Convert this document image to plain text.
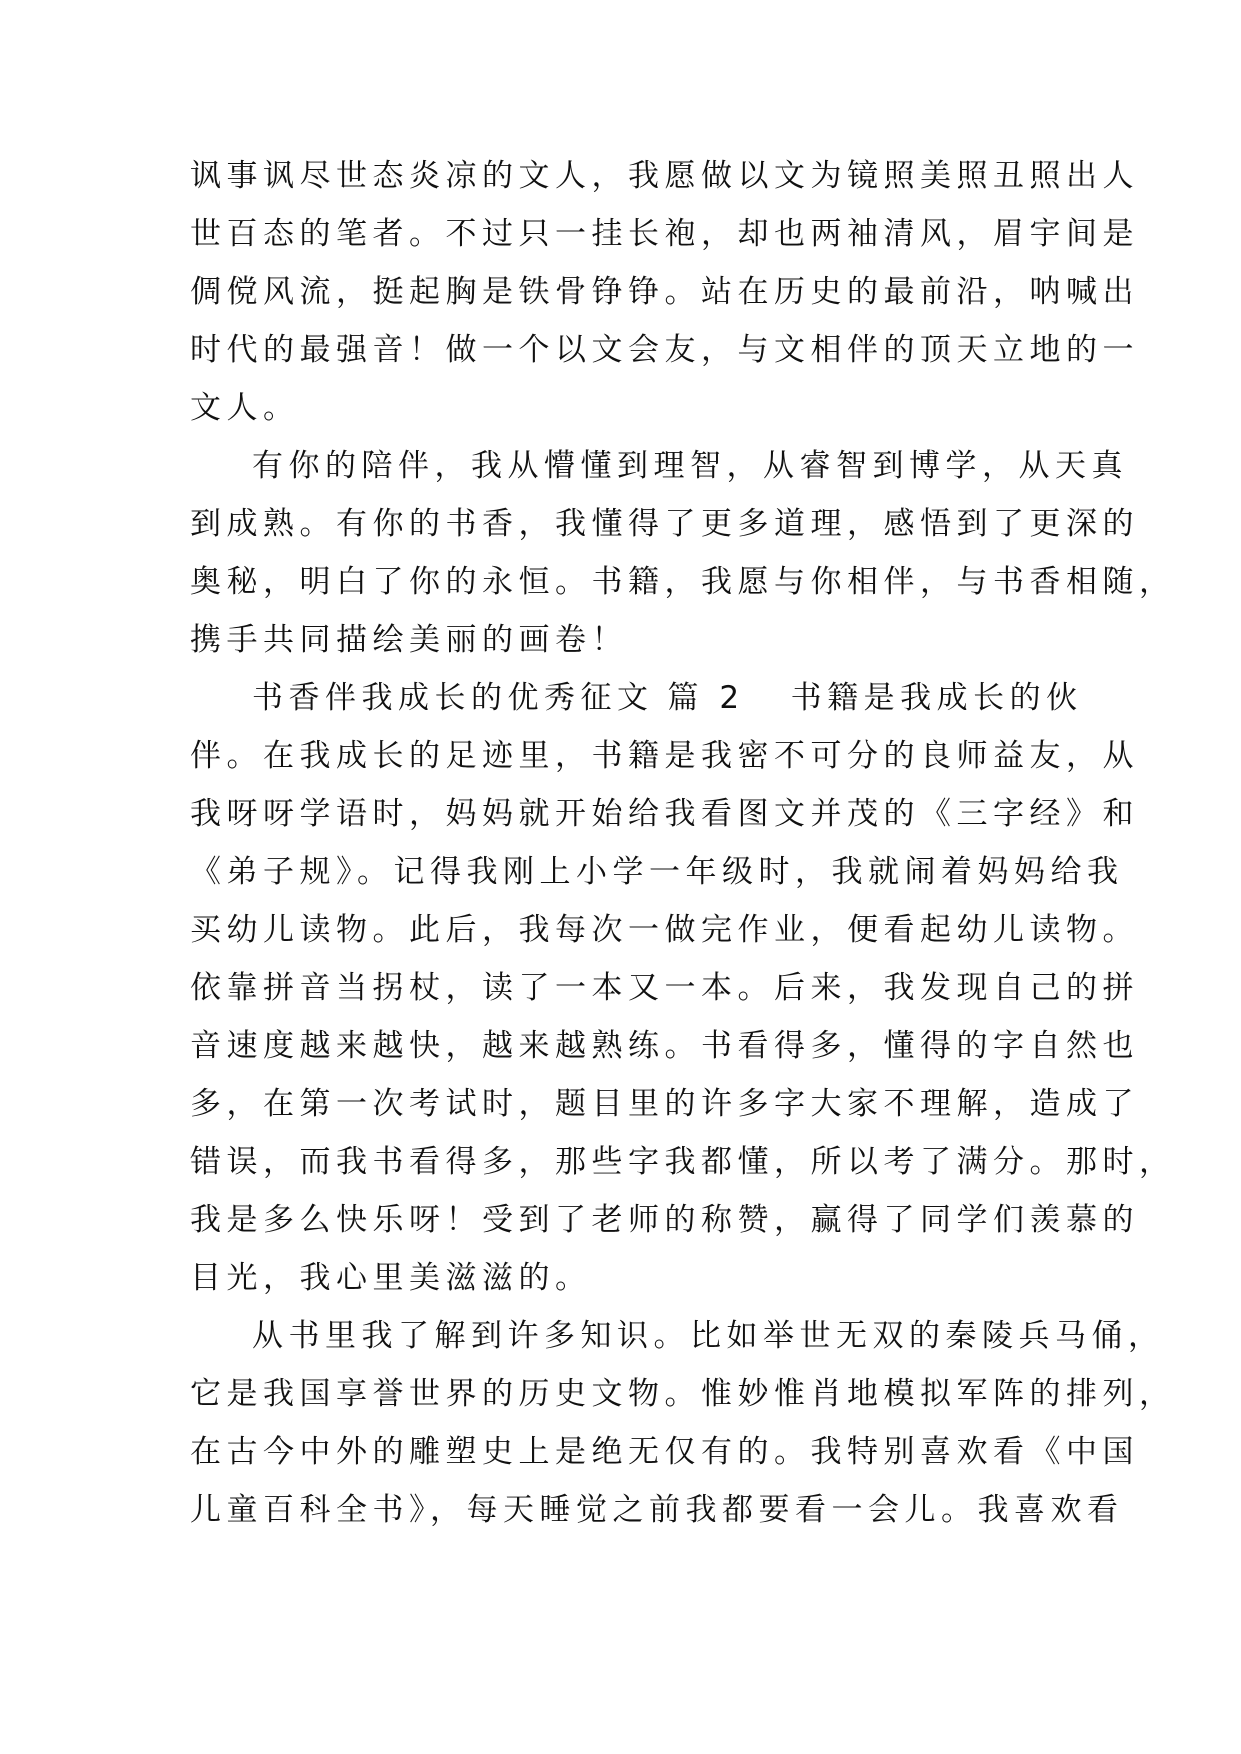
讽事讽尽世态炎凉的文人，我愿做以文为镜照美照丑照出人
世百态的笔者。不过只一挂长袍，却也两袖清风，眉宇间是
倜傥风流，挺起胸是铁骨铮铮。站在历史的最前沿，呐喊出
时代的最强音！做一个以文会友，与文相伴的顶天立地的一
文人。
有你的陪伴，我从懵懂到理智，从睿智到博学，从天真
到成熟。有你的书香，我懂得了更多道理，感悟到了更深的
奥秘，明白了你的永恒。书籍，我愿与你相伴，与书香相随，
携手共同描绘美丽的画卷！
书香伴我成长的优秀征文 篇 2 书籍是我成长的伙
伴。在我成长的足迹里，书籍是我密不可分的良师益友，从
我呀呀学语时，妈妈就开始给我看图文并茂的《三字经》和
《弟子规》。记得我刚上小学一年级时，我就闹着妈妈给我
买幼儿读物。此后，我每次一做完作业，便看起幼儿读物。
依靠拼音当拐杖，读了一本又一本。后来，我发现自己的拼
音速度越来越快，越来越熟练。书看得多，懂得的字自然也
多，在第一次考试时，题目里的许多字大家不理解，造成了
错误，而我书看得多，那些字我都懂，所以考了满分。那时，
我是多么快乐呀！受到了老师的称赞，赢得了同学们羡慕的
目光，我心里美滋滋的。
从书里我了解到许多知识。比如举世无双的秦陵兵马俑，
它是我国享誉世界的历史文物。惟妙惟肖地模拟军阵的排列，
在古今中外的雕塑史上是绝无仅有的。我特别喜欢看《中国
儿童百科全书》，每天睡觉之前我都要看一会儿。我喜欢看
